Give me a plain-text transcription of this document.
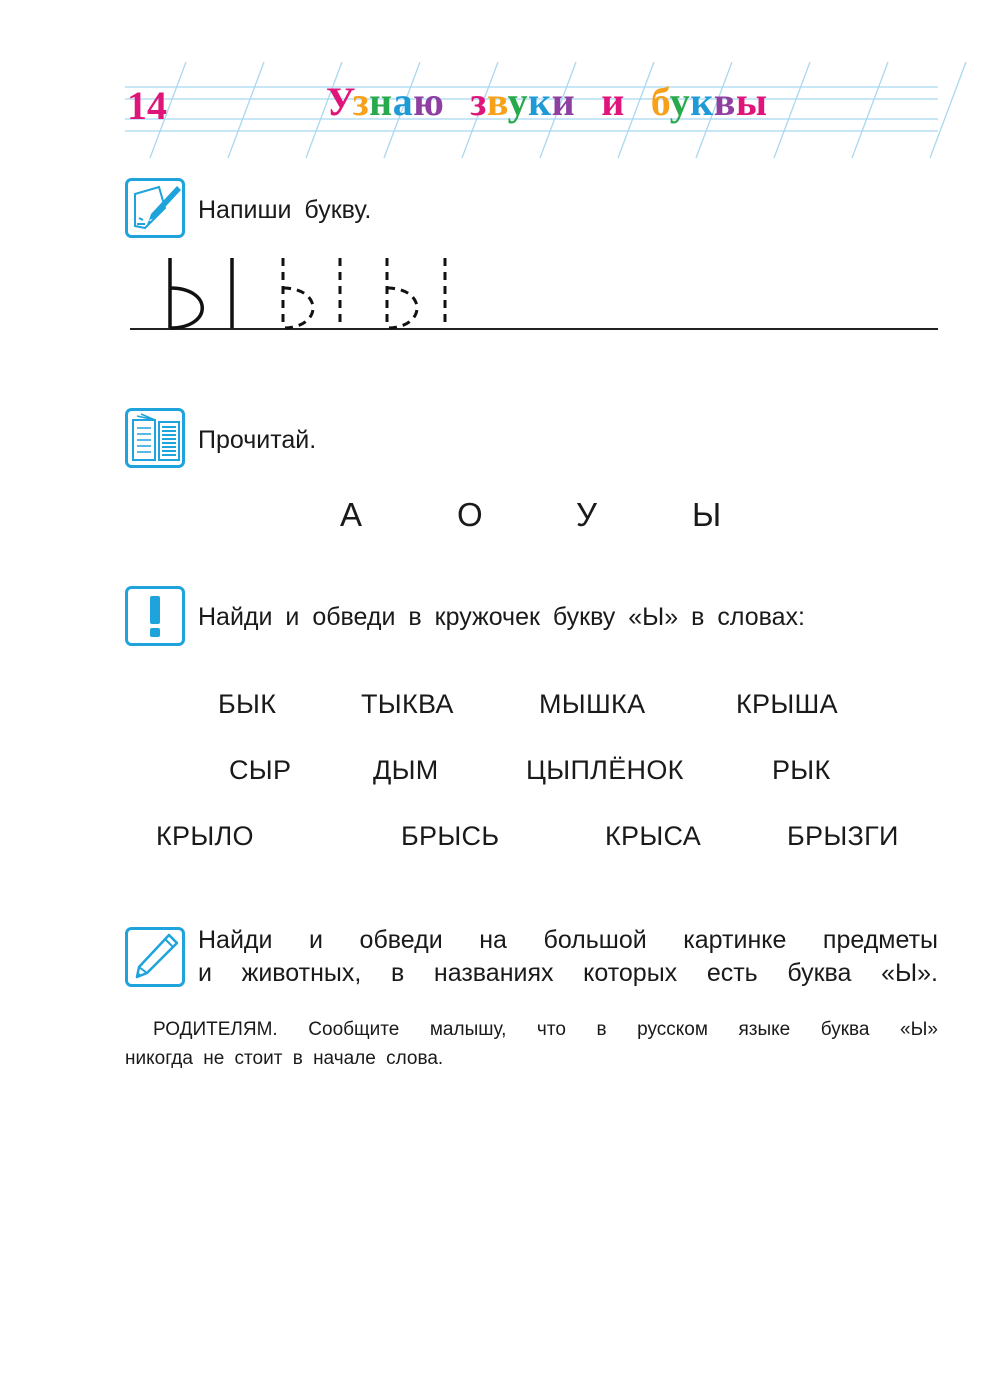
14	Узнаю звуки и буквы
Напиши букву.
Прочитай.
А	О	У	Ы
Найди и обведи в кружочек букву «Ы» в словах:
БЫК	ТЫКВА	МЫШКА	КРЫША
СЫР	ДЫМ	ЦЫПЛЁНОК	РЫК
КРЫЛО	БРЫСЬ	КРЫСА	БРЫЗГИ
Найди и обведи на большой картинке предметы
и животных, в названиях которых есть буква «Ы».
РОДИТЕЛЯМ. Сообщите малышу, что в русском языке буква «Ы»
никогда не стоит в начале слова.
